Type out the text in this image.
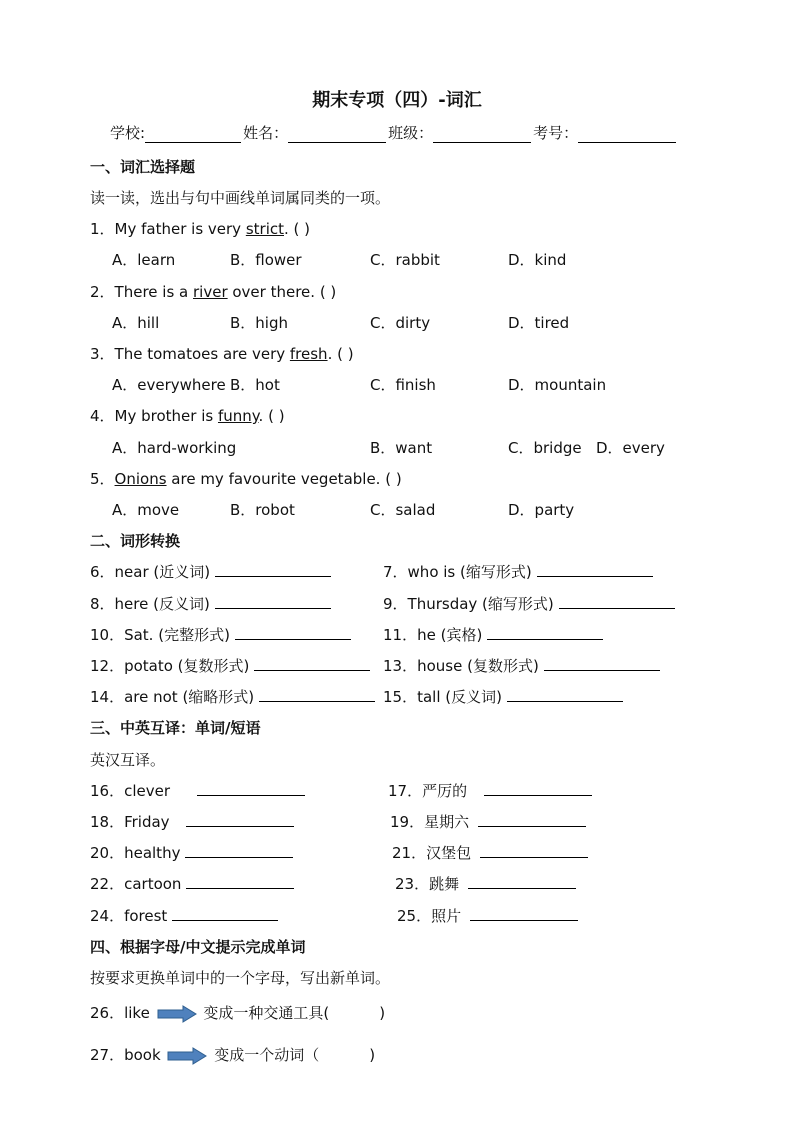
期末专项（四）-词汇
学校:	姓名：	班级：	考号：
一、词汇选择题
读一读，选出与句中画线单词属同类的一项。
1．My father is very strict. ( )
A．learn	B．flower	C．rabbit	D．kind
2．There is a river over there. ( )
A．hill	B．high	C．dirty	D．tired
3．The tomatoes are very fresh. ( )
A．everywhere B．hot	C．finish	D．mountain
4．My brother is funny. ( )
A．hard-working	B．want	C．bridge D．every
5．Onions are my favourite vegetable. ( )
A．move	B．robot	C．salad	D．party
二、词形转换
6．near (近义词)	7．who is (缩写形式)
8．here (反义词)	9．Thursday (缩写形式)
10．Sat. (完整形式)	11．he (宾格)
12．potato (复数形式)	13．house (复数形式)
14．are not (缩略形式)	15．tall (反义词)
三、中英互译：单词/短语
英汉互译。
16．clever	17．严厉的
18．Friday	19．星期六
20．healthy	21．汉堡包
22．cartoon	23．跳舞
24．forest	25．照片
四、根据字母/中文提示完成单词
按要求更换单词中的一个字母，写出新单词。
26．like	变成一种交通工具(	)
27．book	变成一个动词（	)
